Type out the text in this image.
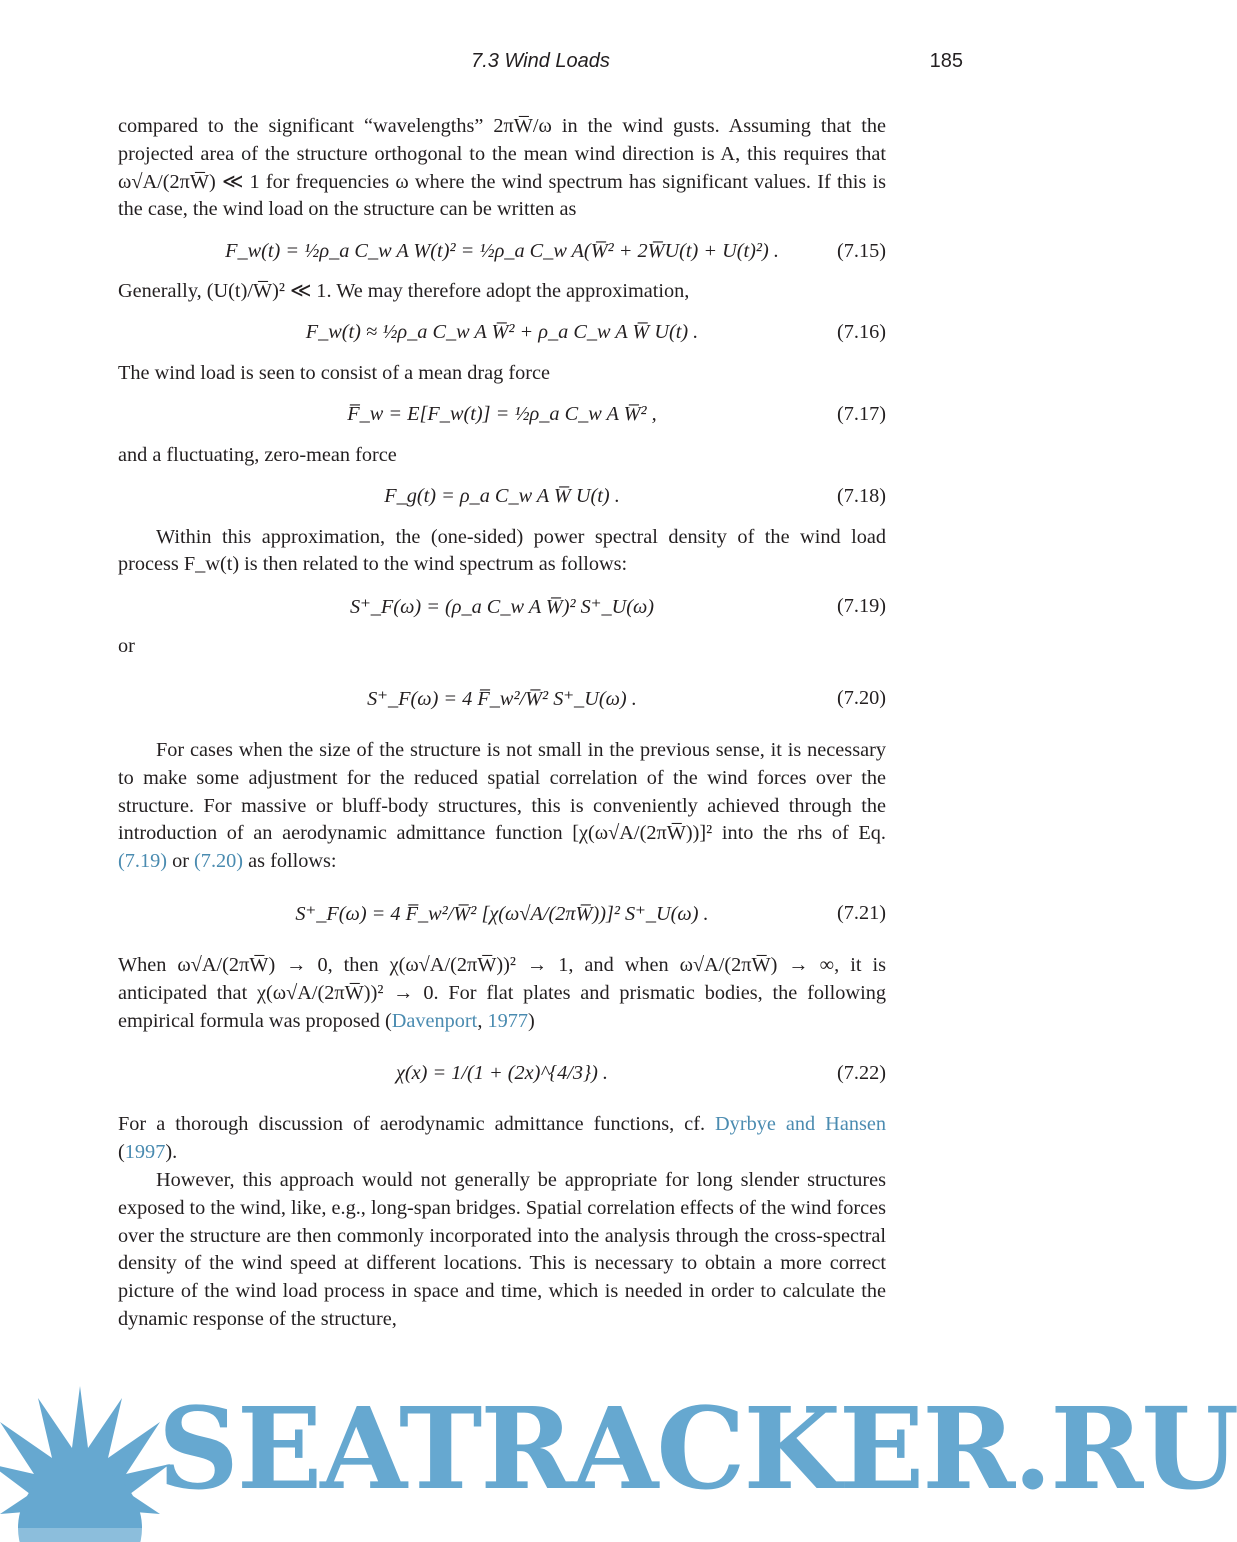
7.3 Wind Loads	185

compared to the significant “wavelengths” 2πW̅/ω in the wind gusts. Assuming that the projected area of the structure orthogonal to the mean wind direction is A, this requires that ω√A/(2πW̅) ≪ 1 for frequencies ω where the wind spectrum has significant values. If this is the case, the wind load on the structure can be written as

F_w(t) = ½ρ_a C_w A W(t)² = ½ρ_a C_w A(W̅² + 2W̅U(t) + U(t)²) .	(7.15)

Generally, (U(t)/W̅)² ≪ 1. We may therefore adopt the approximation,

F_w(t) ≈ ½ρ_a C_w A W̅² + ρ_a C_w A W̅ U(t) .	(7.16)

The wind load is seen to consist of a mean drag force

F̅_w = E[F_w(t)] = ½ρ_a C_w A W̅² ,	(7.17)

and a fluctuating, zero-mean force

F_g(t) = ρ_a C_w A W̅ U(t) .	(7.18)

Within this approximation, the (one-sided) power spectral density of the wind load process F_w(t) is then related to the wind spectrum as follows:

S⁺_F(ω) = (ρ_a C_w A W̅)² S⁺_U(ω)	(7.19)

or

S⁺_F(ω) = 4 F̅_w²/W̅² S⁺_U(ω) .	(7.20)

For cases when the size of the structure is not small in the previous sense, it is necessary to make some adjustment for the reduced spatial correlation of the wind forces over the structure. For massive or bluff-body structures, this is conveniently achieved through the introduction of an aerodynamic admittance function [χ(ω√A/(2πW̅))]² into the rhs of Eq. (7.19) or (7.20) as follows:

S⁺_F(ω) = 4 F̅_w²/W̅² [χ(ω√A/(2πW̅))]² S⁺_U(ω) .	(7.21)

When ω√A/(2πW̅) → 0, then χ(ω√A/(2πW̅))² → 1, and when ω√A/(2πW̅) → ∞, it is anticipated that χ(ω√A/(2πW̅))² → 0. For flat plates and prismatic bodies, the following empirical formula was proposed (Davenport, 1977)

χ(x) = 1/(1 + (2x)^{4/3}) .	(7.22)

For a thorough discussion of aerodynamic admittance functions, cf. Dyrbye and Hansen (1997).

However, this approach would not generally be appropriate for long slender structures exposed to the wind, like, e.g., long-span bridges. Spatial correlation effects of the wind forces over the structure are then commonly incorporated into the analysis through the cross-spectral density of the wind speed at different locations. This is necessary to obtain a more correct picture of the wind load process in space and time, which is needed in order to calculate the dynamic response of the structure,

SEATRACKER.RU
